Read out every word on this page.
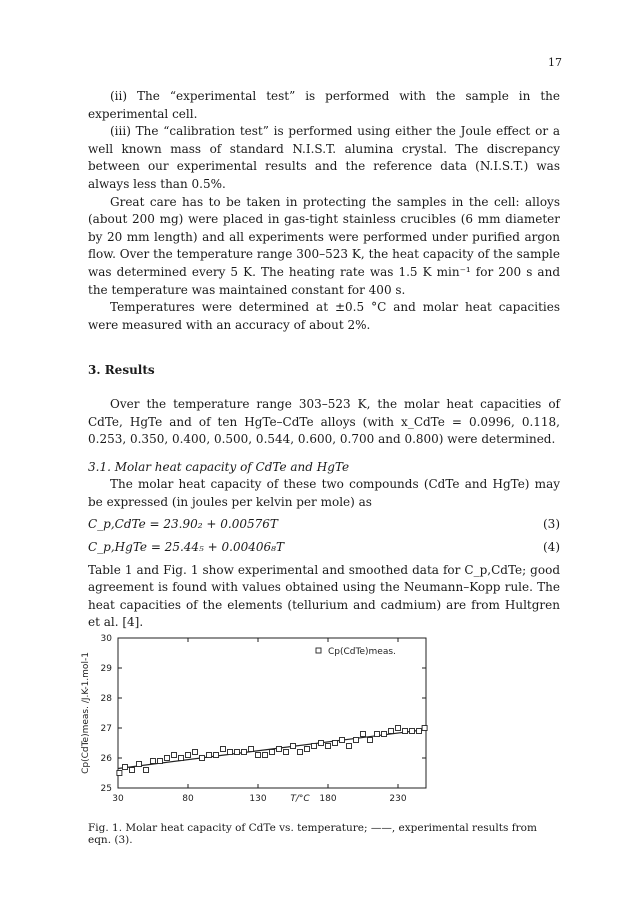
17

(ii) The “experimental test” is performed with the sample in the experimental cell.

(iii) The “calibration test” is performed using either the Joule effect or a well known mass of standard N.I.S.T. alumina crystal. The discrepancy between our experimental results and the reference data (N.I.S.T.) was always less than 0.5%.

Great care has to be taken in protecting the samples in the cell: alloys (about 200 mg) were placed in gas-tight stainless crucibles (6 mm diameter by 20 mm length) and all experiments were performed under purified argon flow. Over the temperature range 300–523 K, the heat capacity of the sample was determined every 5 K. The heating rate was 1.5 K min⁻¹ for 200 s and the temperature was maintained constant for 400 s.

Temperatures were determined at ±0.5 °C and molar heat capacities were measured with an accuracy of about 2%.

3. Results

Over the temperature range 303–523 K, the molar heat capacities of CdTe, HgTe and of ten HgTe–CdTe alloys (with x_CdTe = 0.0996, 0.118, 0.253, 0.350, 0.400, 0.500, 0.544, 0.600, 0.700 and 0.800) were determined.

3.1. Molar heat capacity of CdTe and HgTe

The molar heat capacity of these two compounds (CdTe and HgTe) may be expressed (in joules per kelvin per mole) as

C_p,CdTe = 23.90₂ + 0.00576T	(3)
C_p,HgTe = 25.44₅ + 0.00406₈T	(4)

Table 1 and Fig. 1 show experimental and smoothed data for C_p,CdTe; good agreement is found with values obtained using the Neumann–Kopp rule. The heat capacities of the elements (tellurium and cadmium) are from Hultgren et al. [4].

30	80	130	180	230
25
26
27
28
29
30
T/°C
Cp(CdTe)meas. /J.K-1.mol-1
Cp(CdTe)meas.
Fig. 1. Molar heat capacity of CdTe vs. temperature; ——, experimental results from eqn. (3).
